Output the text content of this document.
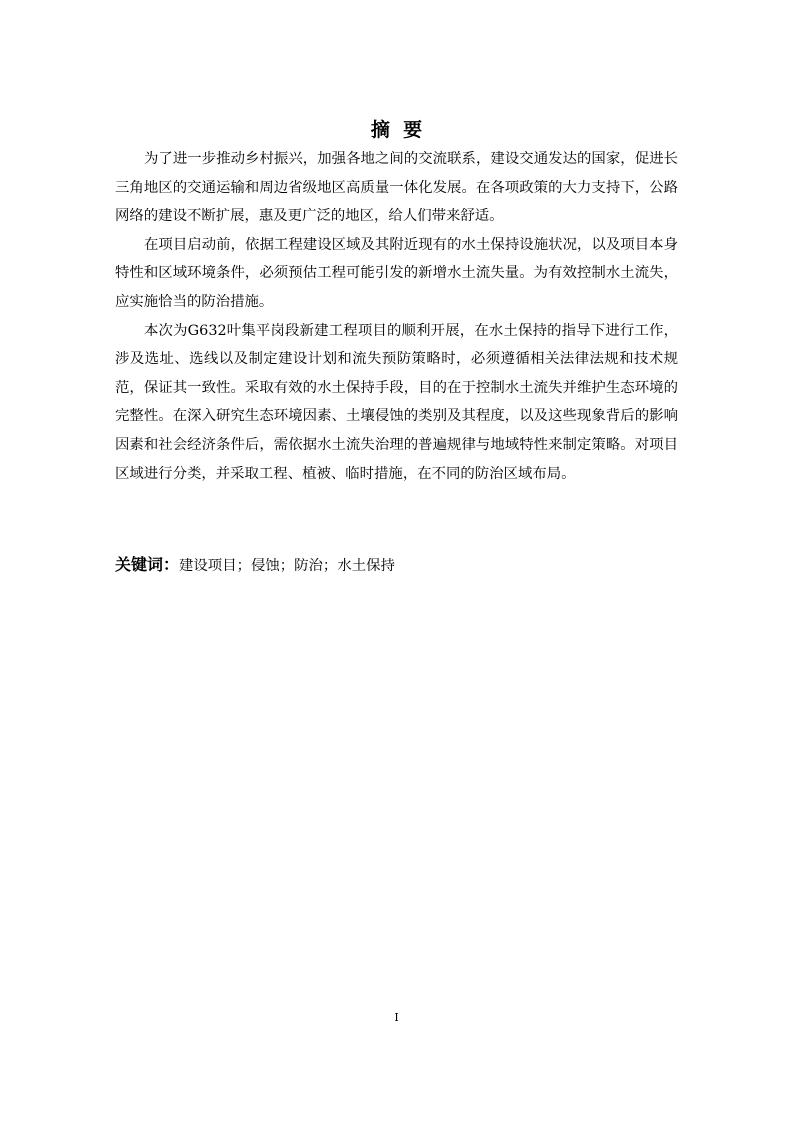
摘  要

为了进一步推动乡村振兴，加强各地之间的交流联系，建设交通发达的国家，促进长三角地区的交通运输和周边省级地区高质量一体化发展。在各项政策的大力支持下，公路网络的建设不断扩展，惠及更广泛的地区，给人们带来舒适。

在项目启动前，依据工程建设区域及其附近现有的水土保持设施状况，以及项目本身特性和区域环境条件，必须预估工程可能引发的新增水土流失量。为有效控制水土流失，应实施恰当的防治措施。

本次为G632叶集平岗段新建工程项目的顺利开展，在水土保持的指导下进行工作，涉及选址、选线以及制定建设计划和流失预防策略时，必须遵循相关法律法规和技术规范，保证其一致性。采取有效的水土保持手段，目的在于控制水土流失并维护生态环境的完整性。在深入研究生态环境因素、土壤侵蚀的类别及其程度，以及这些现象背后的影响因素和社会经济条件后，需依据水土流失治理的普遍规律与地域特性来制定策略。对项目区域进行分类，并采取工程、植被、临时措施，在不同的防治区域布局。

关键词：建设项目；侵蚀；防治；水土保持
I
